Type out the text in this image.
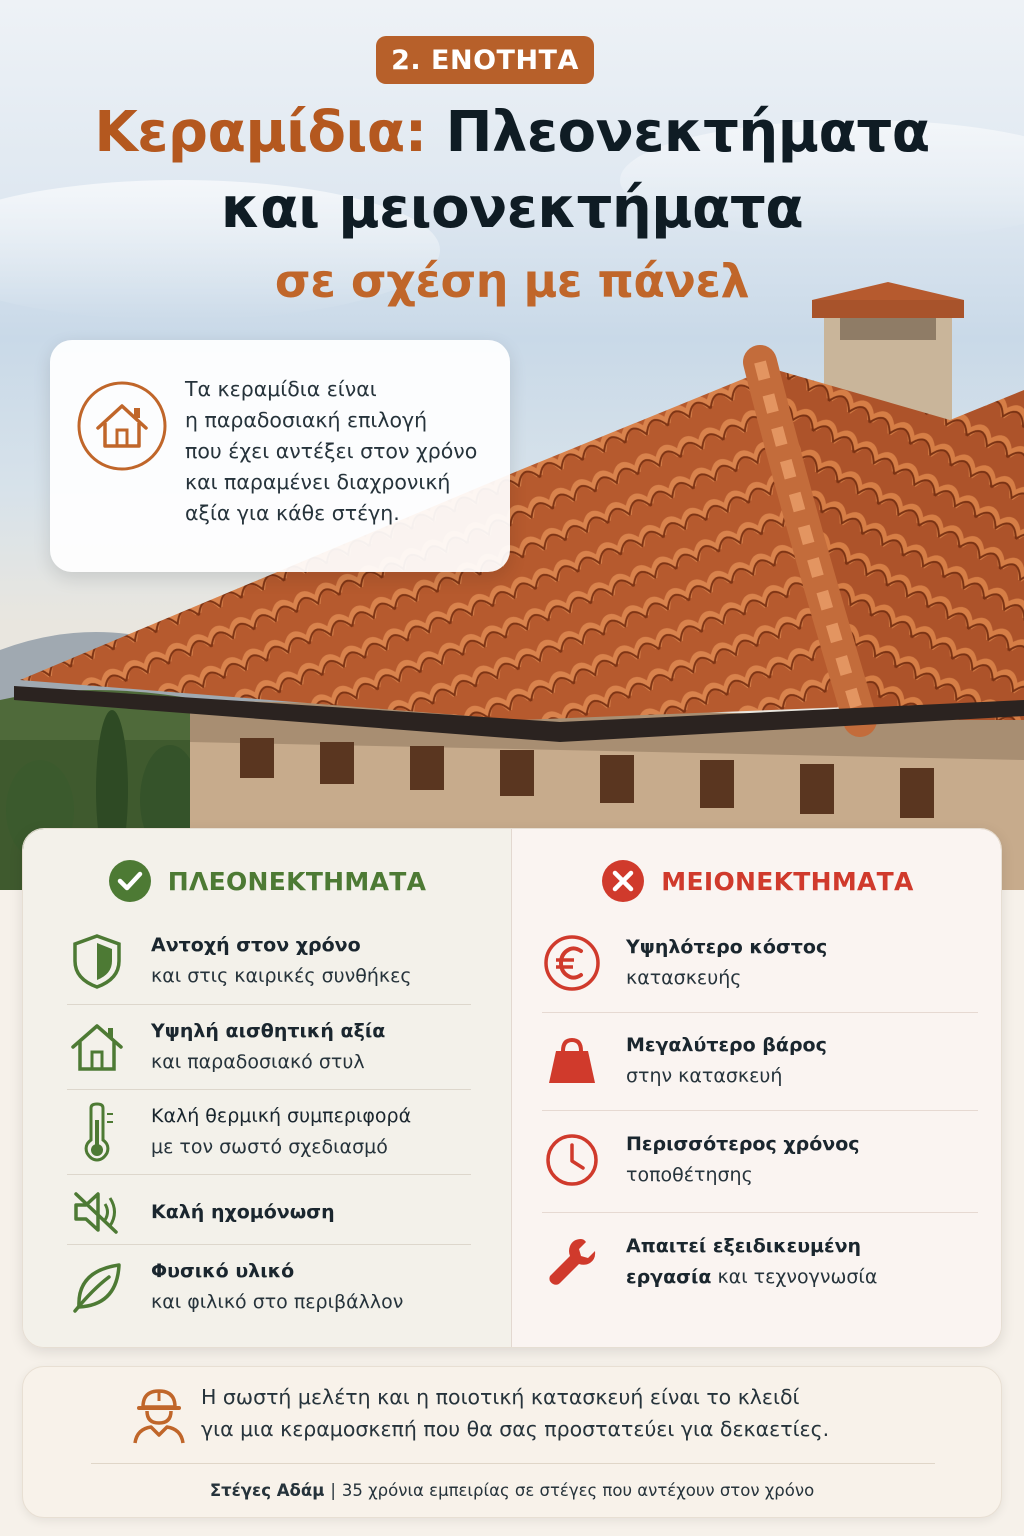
2. ΕΝΟΤΗΤΑ
Κεραμίδια: Πλεονεκτήματα
και μειονεκτήματα
σε σχέση με πάνελ
Τα κεραμίδια είναι
η παραδοσιακή επιλογή
που έχει αντέξει στον χρόνο
και παραμένει διαχρονική
αξία για κάθε στέγη.
ΠΛΕΟΝΕΚΤΗΜΑΤΑ
Αντοχή στον χρόνο
και στις καιρικές συνθήκες
Υψηλή αισθητική αξία
και παραδοσιακό στυλ
Καλή θερμική συμπεριφορά
με τον σωστό σχεδιασμό
Καλή ηχομόνωση
Φυσικό υλικό
και φιλικό στο περιβάλλον
ΜΕΙΟΝΕΚΤΗΜΑΤΑ
Υψηλότερο κόστος
κατασκευής
Μεγαλύτερο βάρος
στην κατασκευή
Περισσότερος χρόνος
τοποθέτησης
Απαιτεί εξειδικευμένη
εργασία και τεχνογνωσία
Η σωστή μελέτη και η ποιοτική κατασκευή είναι το κλειδί
για μια κεραμοσκεπή που θα σας προστατεύει για δεκαετίες.
Στέγες Αδάμ | 35 χρόνια εμπειρίας σε στέγες που αντέχουν στον χρόνο
